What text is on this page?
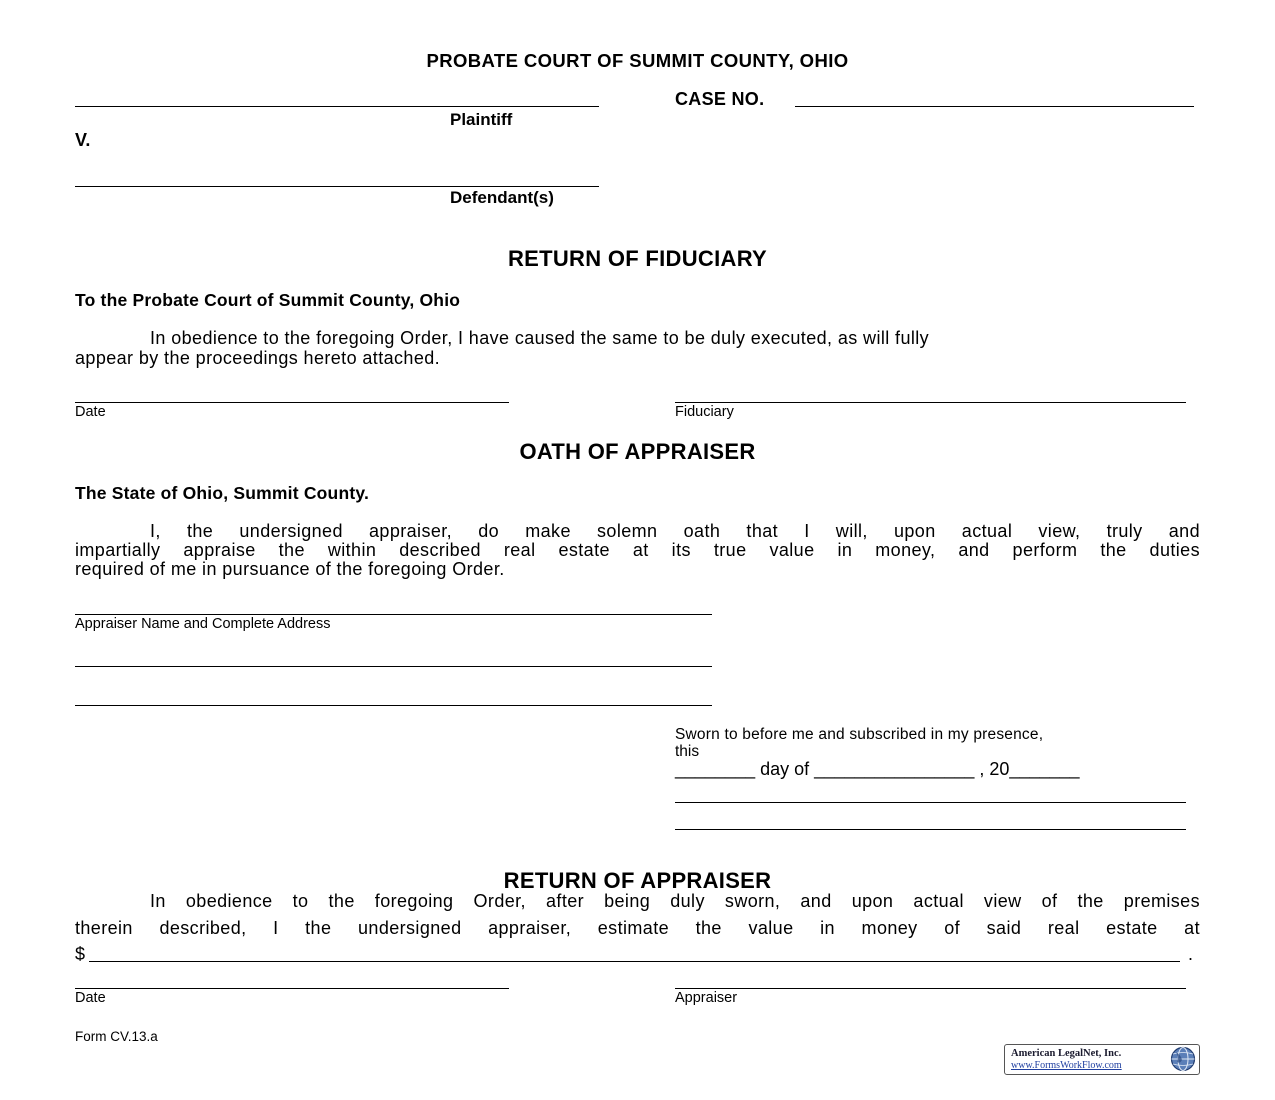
PROBATE COURT OF SUMMIT COUNTY, OHIO
Plaintiff
CASE NO.
V.
Defendant(s)
RETURN OF FIDUCIARY
To the Probate Court of Summit County, Ohio
In obedience to the foregoing Order, I have caused the same to be duly executed, as will fully
appear by the proceedings hereto attached.
Date	Fiduciary
OATH OF APPRAISER
The State of Ohio, Summit County.
I, the undersigned appraiser, do make solemn oath that I will, upon actual view, truly and
impartially appraise the within described real estate at its true value in money, and perform the duties
required of me in pursuance of the foregoing Order.
Appraiser Name and Complete Address
Sworn to before me and subscribed in my presence,
this
________ day of ________________ , 20_______
RETURN OF APPRAISER
In obedience to the foregoing Order, after being duly sworn, and upon actual view of the premises
therein described, I the undersigned appraiser, estimate the value in money of said real estate at
$	.
Date	Appraiser
Form CV.13.a
American LegalNet, Inc.
www.FormsWorkFlow.com
